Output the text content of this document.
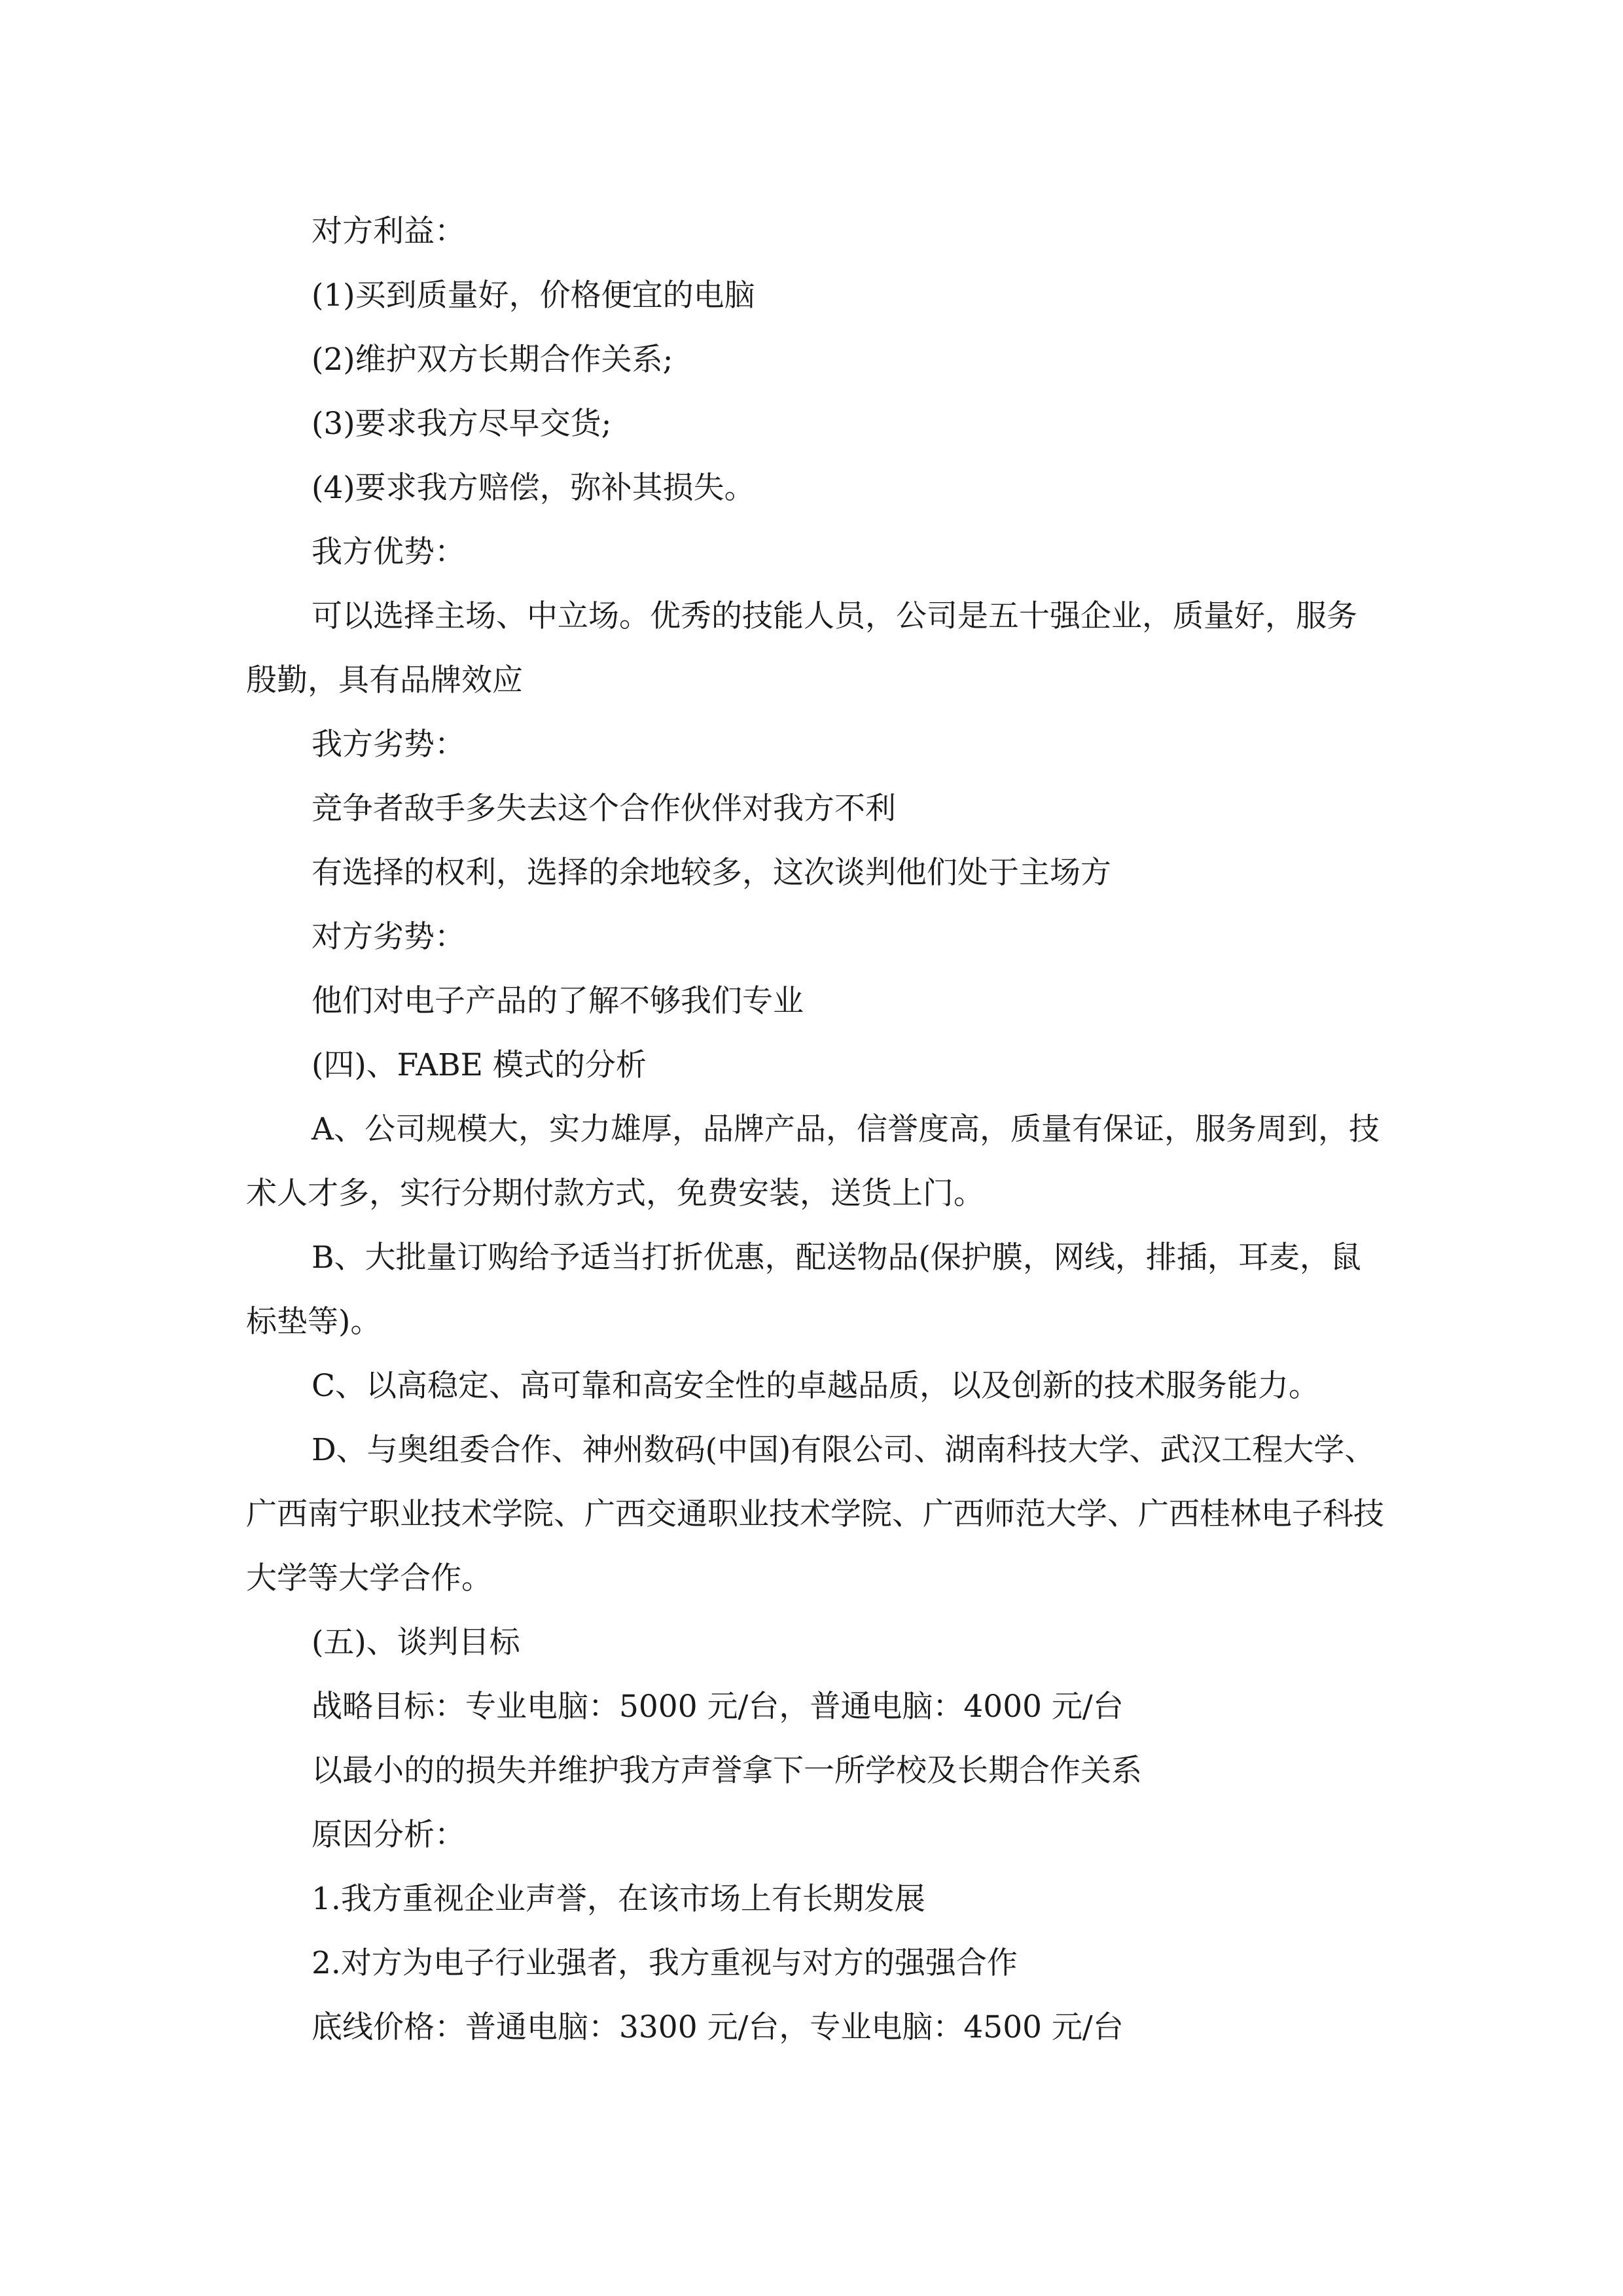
对方利益：

(1)买到质量好，价格便宜的电脑

(2)维护双方长期合作关系;

(3)要求我方尽早交货;

(4)要求我方赔偿，弥补其损失。

我方优势：

可以选择主场、中立场。优秀的技能人员，公司是五十强企业，质量好，服务殷勤，具有品牌效应

我方劣势：

竞争者敌手多失去这个合作伙伴对我方不利

有选择的权利，选择的余地较多，这次谈判他们处于主场方

对方劣势：

他们对电子产品的了解不够我们专业

(四)、FABE 模式的分析

A、公司规模大，实力雄厚，品牌产品，信誉度高，质量有保证，服务周到，技术人才多，实行分期付款方式，免费安装，送货上门。

B、大批量订购给予适当打折优惠，配送物品(保护膜，网线，排插，耳麦，鼠标垫等)。

C、以高稳定、高可靠和高安全性的卓越品质，以及创新的技术服务能力。

D、与奥组委合作、神州数码(中国)有限公司、湖南科技大学、武汉工程大学、广西南宁职业技术学院、广西交通职业技术学院、广西师范大学、广西桂林电子科技大学等大学合作。

(五)、谈判目标

战略目标：专业电脑：5000 元/台，普通电脑：4000 元/台

以最小的的损失并维护我方声誉拿下一所学校及长期合作关系

原因分析：

1.我方重视企业声誉，在该市场上有长期发展

2.对方为电子行业强者，我方重视与对方的强强合作

底线价格：普通电脑：3300 元/台，专业电脑：4500 元/台
